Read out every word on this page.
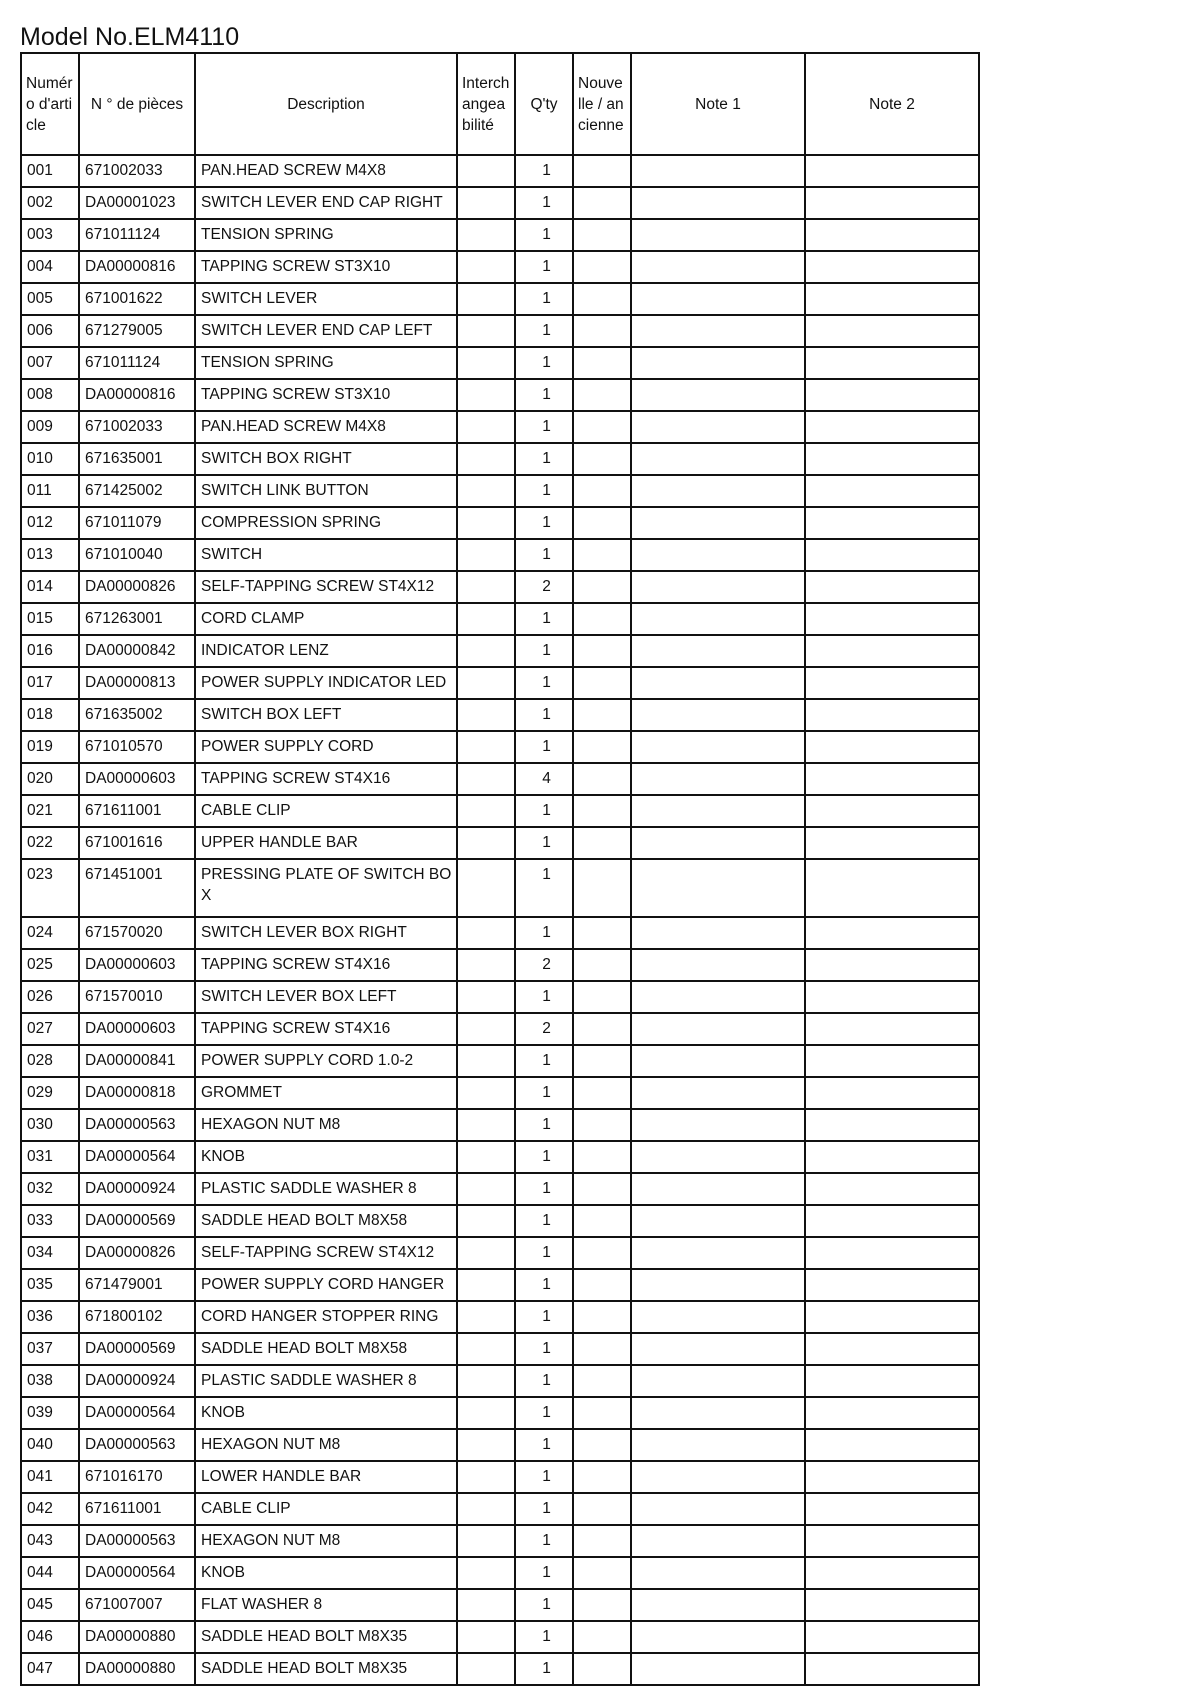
Model No.ELM4110
Numéro d'article	N ° de pièces	Description	Interchangeabilité	Q'ty	Nouvelle / ancienne	Note 1	Note 2
001	671002033	PAN.HEAD SCREW M4X8		1			
002	DA00001023	SWITCH LEVER END CAP RIGHT		1			
003	671011124	TENSION SPRING		1			
004	DA00000816	TAPPING SCREW ST3X10		1			
005	671001622	SWITCH LEVER		1			
006	671279005	SWITCH LEVER END CAP LEFT		1			
007	671011124	TENSION SPRING		1			
008	DA00000816	TAPPING SCREW ST3X10		1			
009	671002033	PAN.HEAD SCREW M4X8		1			
010	671635001	SWITCH BOX RIGHT		1			
011	671425002	SWITCH LINK BUTTON		1			
012	671011079	COMPRESSION SPRING		1			
013	671010040	SWITCH		1			
014	DA00000826	SELF-TAPPING SCREW ST4X12		2			
015	671263001	CORD CLAMP		1			
016	DA00000842	INDICATOR LENZ		1			
017	DA00000813	POWER SUPPLY INDICATOR LED		1			
018	671635002	SWITCH BOX LEFT		1			
019	671010570	POWER SUPPLY CORD		1			
020	DA00000603	TAPPING SCREW ST4X16		4			
021	671611001	CABLE CLIP		1			
022	671001616	UPPER HANDLE BAR		1			
023	671451001	PRESSING PLATE OF SWITCH BOX		1			
024	671570020	SWITCH LEVER BOX RIGHT		1			
025	DA00000603	TAPPING SCREW ST4X16		2			
026	671570010	SWITCH LEVER BOX LEFT		1			
027	DA00000603	TAPPING SCREW ST4X16		2			
028	DA00000841	POWER SUPPLY CORD 1.0-2		1			
029	DA00000818	GROMMET		1			
030	DA00000563	HEXAGON NUT M8		1			
031	DA00000564	KNOB		1			
032	DA00000924	PLASTIC SADDLE WASHER 8		1			
033	DA00000569	SADDLE HEAD BOLT M8X58		1			
034	DA00000826	SELF-TAPPING SCREW ST4X12		1			
035	671479001	POWER SUPPLY CORD HANGER		1			
036	671800102	CORD HANGER STOPPER RING		1			
037	DA00000569	SADDLE HEAD BOLT M8X58		1			
038	DA00000924	PLASTIC SADDLE WASHER 8		1			
039	DA00000564	KNOB		1			
040	DA00000563	HEXAGON NUT M8		1			
041	671016170	LOWER HANDLE BAR		1			
042	671611001	CABLE CLIP		1			
043	DA00000563	HEXAGON NUT M8		1			
044	DA00000564	KNOB		1			
045	671007007	FLAT WASHER 8		1			
046	DA00000880	SADDLE HEAD BOLT M8X35		1			
047	DA00000880	SADDLE HEAD BOLT M8X35		1			
